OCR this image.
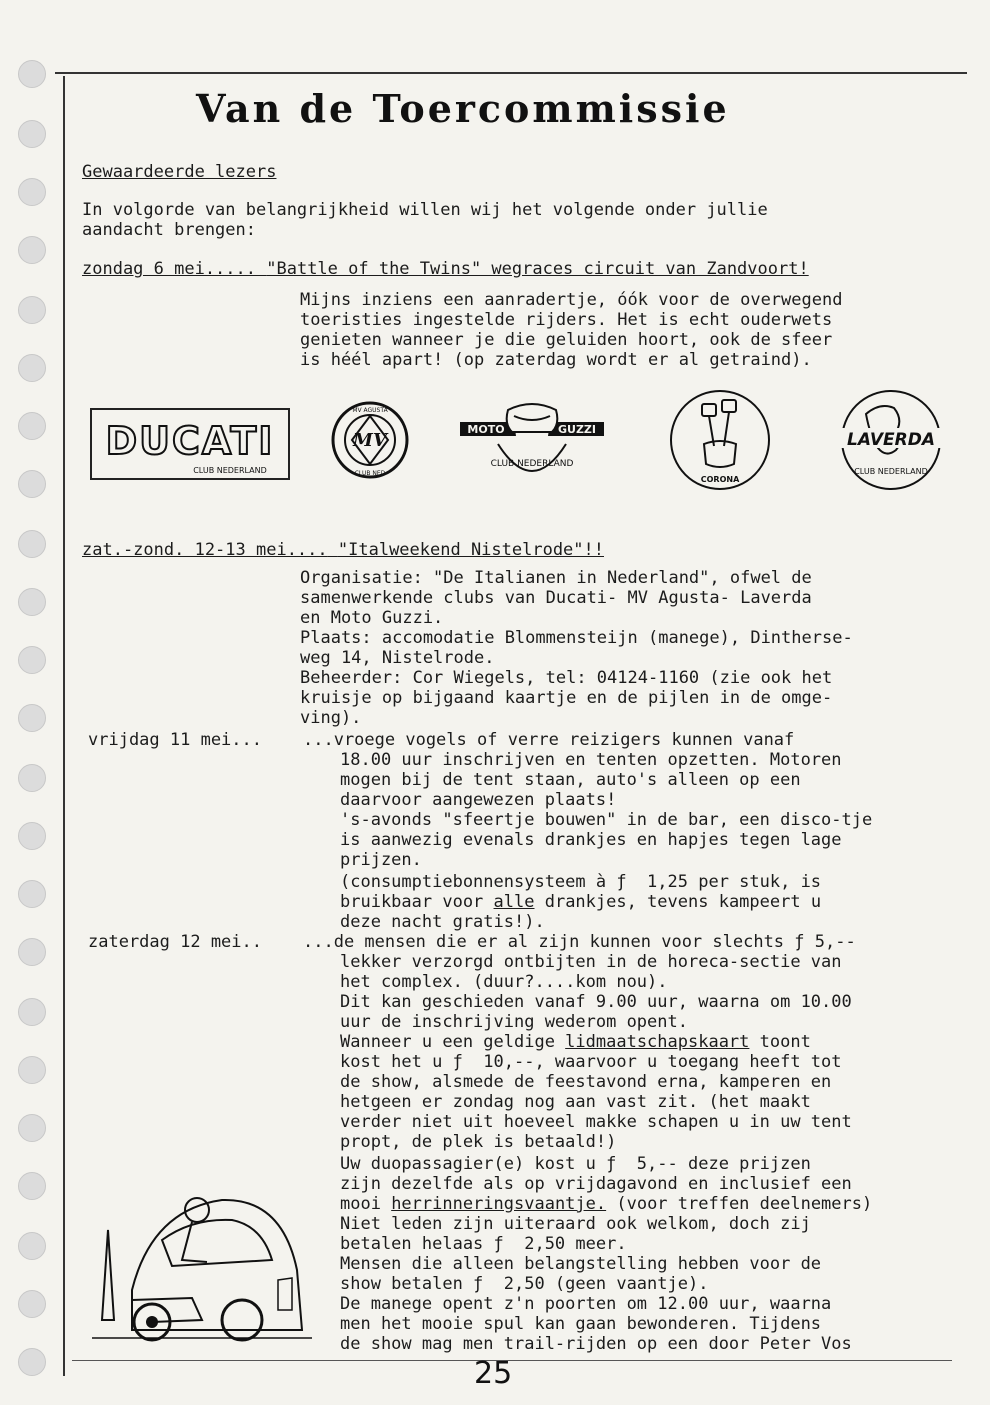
Van de Toercommissie
Gewaardeerde lezers
In volgorde van belangrijkheid willen wij het volgende onder jullie
aandacht brengen:
zondag 6 mei..... "Battle of the Twins" wegraces circuit van Zandvoort!
Mijns inziens een aanradertje, óók voor de overwegend
toeristies ingestelde rijders. Het is echt ouderwets
genieten wanneer je die geluiden hoort, ook de sfeer
is héél apart! (op zaterdag wordt er al getraind).
DUCATI
CLUB NEDERLAND
MV
MV AGUSTA
CLUB NED
MOTO	GUZZI
CLUB NEDERLAND
CORONA
LAVERDA
CLUB NEDERLAND
zat.-zond. 12-13 mei.... "Italweekend Nistelrode"!!
Organisatie: "De Italianen in Nederland", ofwel de
samenwerkende clubs van Ducati- MV Agusta- Laverda
en Moto Guzzi.
Plaats: accomodatie Blommensteijn (manege), Dintherse-
weg 14, Nistelrode.
Beheerder: Cor Wiegels, tel: 04124-1160 (zie ook het
kruisje op bijgaand kaartje en de pijlen in de omge-
ving).
vrijdag 11 mei... ...vroege vogels of verre reizigers kunnen vanaf
18.00 uur inschrijven en tenten opzetten. Motoren
mogen bij de tent staan, auto's alleen op een
daarvoor aangewezen plaats!
's-avonds "sfeertje bouwen" in de bar, een disco-tje
is aanwezig evenals drankjes en hapjes tegen lage
prijzen.
(consumptiebonnensysteem à ƒ  1,25 per stuk, is
bruikbaar voor alle drankjes, tevens kampeert u
deze nacht gratis!).
zaterdag 12 mei.. ...de mensen die er al zijn kunnen voor slechts ƒ 5,--
lekker verzorgd ontbijten in de horeca-sectie van
het complex. (duur?....kom nou).
Dit kan geschieden vanaf 9.00 uur, waarna om 10.00
uur de inschrijving wederom opent.
Wanneer u een geldige lidmaatschapskaart toont
kost het u ƒ  10,--, waarvoor u toegang heeft tot
de show, alsmede de feestavond erna, kamperen en
hetgeen er zondag nog aan vast zit. (het maakt
verder niet uit hoeveel makke schapen u in uw tent
propt, de plek is betaald!)
Uw duopassagier(e) kost u ƒ  5,-- deze prijzen
zijn dezelfde als op vrijdagavond en inclusief een
mooi herrinneringsvaantje. (voor treffen deelnemers)
Niet leden zijn uiteraard ook welkom, doch zij
betalen helaas ƒ  2,50 meer.
Mensen die alleen belangstelling hebben voor de
show betalen ƒ  2,50 (geen vaantje).
De manege opent z'n poorten om 12.00 uur, waarna
men het mooie spul kan gaan bewonderen. Tijdens
de show mag men trail-rijden op een door Peter Vos
25
